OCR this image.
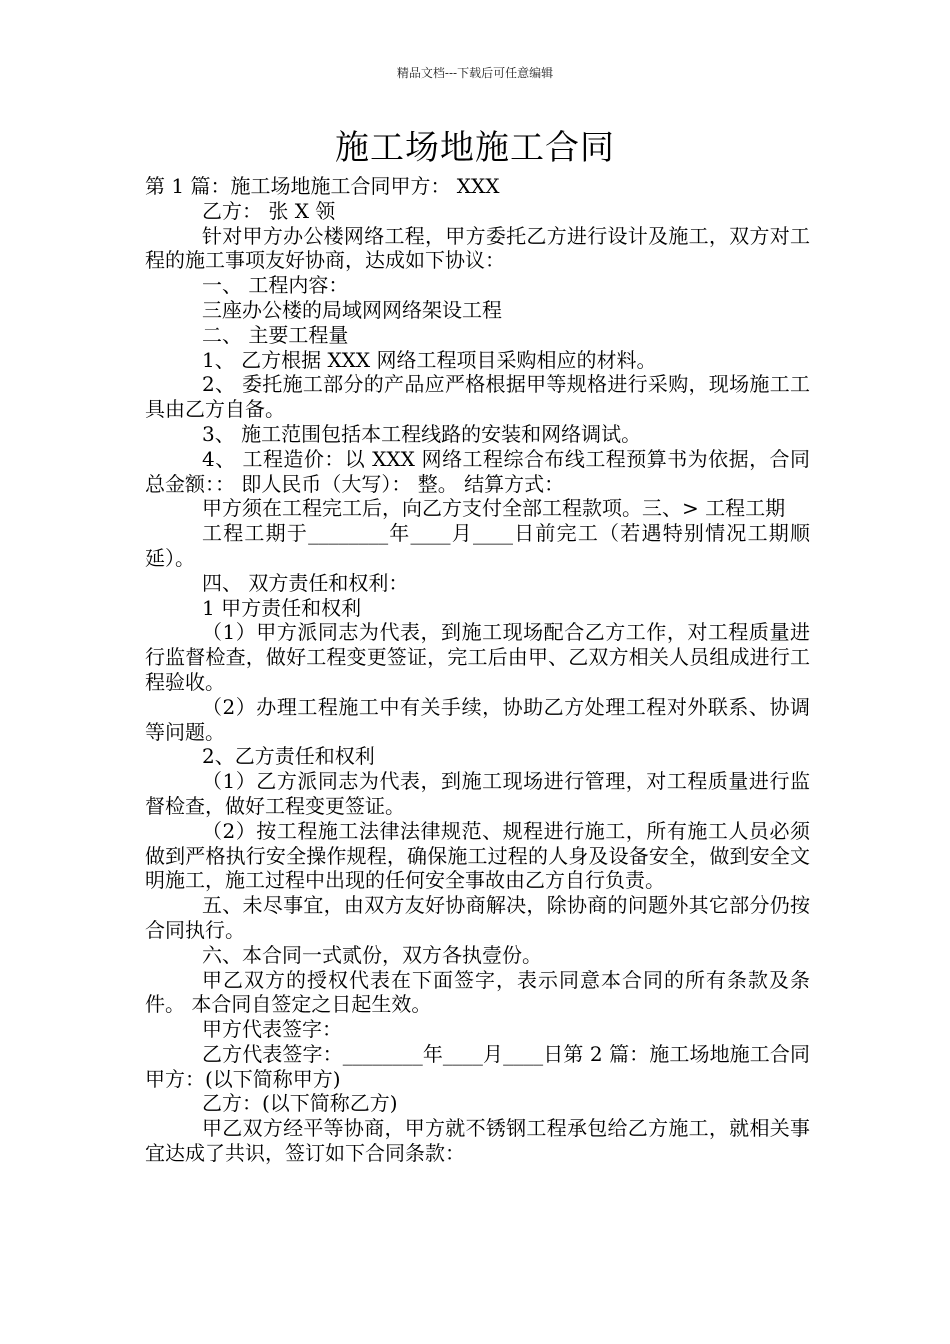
精品文档---下载后可任意编辑
施工场地施工合同

第 1 篇：施工场地施工合同甲方： XXX

乙方： 张 X 领

针对甲方办公楼网络工程，甲方委托乙方进行设计及施工，双方对工程的施工事项友好协商，达成如下协议：

一、 工程内容：

三座办公楼的局域网网络架设工程

二、 主要工程量

1、 乙方根据 XXX 网络工程项目采购相应的材料。

2、 委托施工部分的产品应严格根据甲等规格进行采购，现场施工工具由乙方自备。

3、 施工范围包括本工程线路的安装和网络调试。

4、 工程造价：以 XXX 网络工程综合布线工程预算书为依据，合同总金额：： 即人民币（大写）： 整。 结算方式：

甲方须在工程完工后，向乙方支付全部工程款项。三、> 工程工期

工程工期于________年____月____日前完工（若遇特别情况工期顺延）。

四、 双方责任和权利：

1 甲方责任和权利

（1）甲方派同志为代表，到施工现场配合乙方工作，对工程质量进行监督检查，做好工程变更签证，完工后由甲、乙双方相关人员组成进行工程验收。

（2）办理工程施工中有关手续，协助乙方处理工程对外联系、协调等问题。

2、乙方责任和权利

（1）乙方派同志为代表，到施工现场进行管理，对工程质量进行监督检查，做好工程变更签证。

（2）按工程施工法律法律规范、规程进行施工，所有施工人员必须做到严格执行安全操作规程，确保施工过程的人身及设备安全，做到安全文明施工，施工过程中出现的任何安全事故由乙方自行负责。

五、未尽事宜，由双方友好协商解决，除协商的问题外其它部分仍按合同执行。

六、本合同一式贰份，双方各执壹份。

甲乙双方的授权代表在下面签字，表示同意本合同的所有条款及条件。 本合同自签定之日起生效。

甲方代表签字：

乙方代表签字：________年____月____日第 2 篇：施工场地施工合同甲方：(以下简称甲方)

乙方：(以下简称乙方)

甲乙双方经平等协商，甲方就不锈钢工程承包给乙方施工，就相关事宜达成了共识，签订如下合同条款：
